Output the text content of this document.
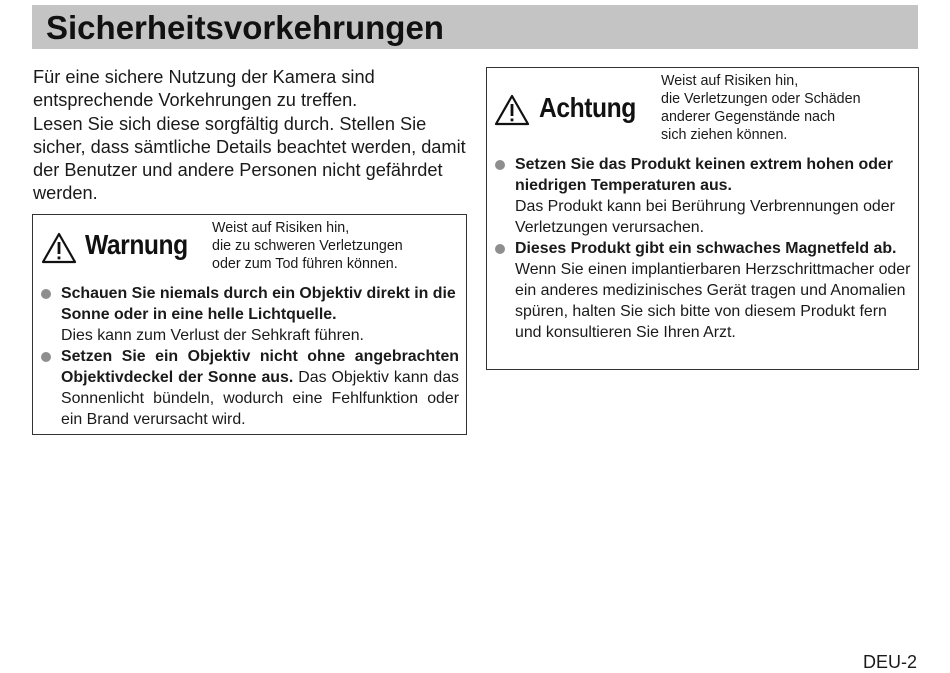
Sicherheitsvorkehrungen

Für eine sichere Nutzung der Kamera sind entsprechende Vorkehrungen zu treffen.

Lesen Sie sich diese sorgfältig durch. Stellen Sie sicher, dass sämtliche Details beachtet werden, damit der Benutzer und andere Personen nicht gefährdet werden.

Warnung
Weist auf Risiken hin,
die zu schweren Verletzungen
oder zum Tod führen können.
Schauen Sie niemals durch ein Objektiv direkt in die Sonne oder in eine helle Lichtquelle.
Dies kann zum Verlust der Sehkraft führen.
Setzen Sie ein Objektiv nicht ohne angebrachten Objektivdeckel der Sonne aus. Das Objektiv kann das Sonnenlicht bündeln, wodurch eine Fehlfunktion oder ein Brand verursacht wird.
Achtung
Weist auf Risiken hin,
die Verletzungen oder Schäden
anderer Gegenstände nach
sich ziehen können.
Setzen Sie das Produkt keinen extrem hohen oder niedrigen Temperaturen aus.
Das Produkt kann bei Berührung Verbrennungen oder Verletzungen verursachen.
Dieses Produkt gibt ein schwaches Magnetfeld ab. Wenn Sie einen implantierbaren Herzschrittmacher oder ein anderes medizinisches Gerät tragen und Anomalien spüren, halten Sie sich bitte von diesem Produkt fern und konsultieren Sie Ihren Arzt.
DEU-2
